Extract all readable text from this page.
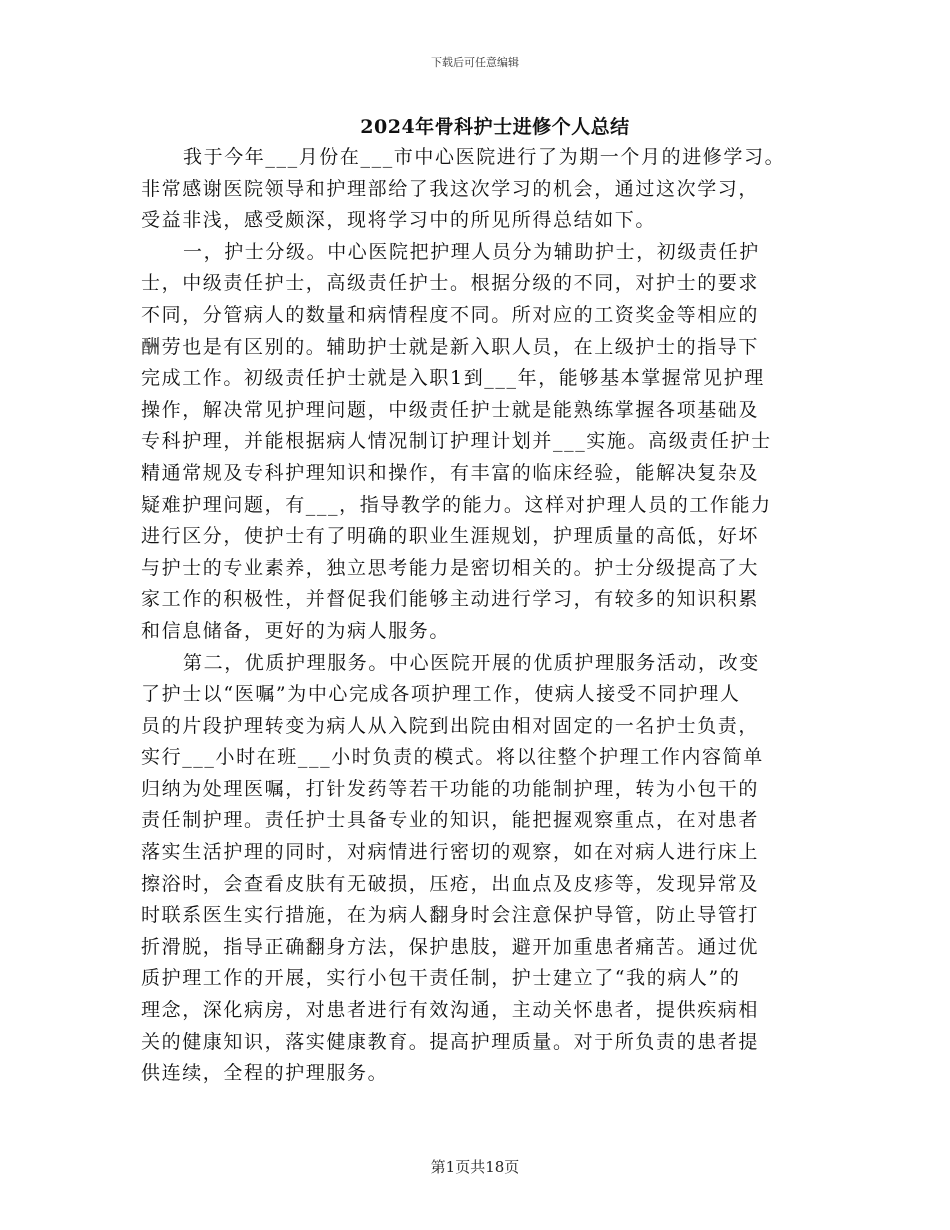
下载后可任意编辑
2024年骨科护士进修个人总结
我于今年___月份在___市中心医院进行了为期一个月的进修学习。
非常感谢医院领导和护理部给了我这次学习的机会，通过这次学习，
受益非浅，感受颇深，现将学习中的所见所得总结如下。
一，护士分级。中心医院把护理人员分为辅助护士，初级责任护
士，中级责任护士，高级责任护士。根据分级的不同，对护士的要求
不同，分管病人的数量和病情程度不同。所对应的工资奖金等相应的
酬劳也是有区别的。辅助护士就是新入职人员，在上级护士的指导下
完成工作。初级责任护士就是入职1到___年，能够基本掌握常见护理
操作，解决常见护理问题，中级责任护士就是能熟练掌握各项基础及
专科护理，并能根据病人情况制订护理计划并___实施。高级责任护士
精通常规及专科护理知识和操作，有丰富的临床经验，能解决复杂及
疑难护理问题，有___，指导教学的能力。这样对护理人员的工作能力
进行区分，使护士有了明确的职业生涯规划，护理质量的高低，好坏
与护士的专业素养，独立思考能力是密切相关的。护士分级提高了大
家工作的积极性，并督促我们能够主动进行学习，有较多的知识积累
和信息储备，更好的为病人服务。
第二，优质护理服务。中心医院开展的优质护理服务活动，改变
了护士以“医嘱”为中心完成各项护理工作，使病人接受不同护理人
员的片段护理转变为病人从入院到出院由相对固定的一名护士负责，
实行___小时在班___小时负责的模式。将以往整个护理工作内容简单
归纳为处理医嘱，打针发药等若干功能的功能制护理，转为小包干的
责任制护理。责任护士具备专业的知识，能把握观察重点，在对患者
落实生活护理的同时，对病情进行密切的观察，如在对病人进行床上
擦浴时，会查看皮肤有无破损，压疮，出血点及皮疹等，发现异常及
时联系医生实行措施，在为病人翻身时会注意保护导管，防止导管打
折滑脱，指导正确翻身方法，保护患肢，避开加重患者痛苦。通过优
质护理工作的开展，实行小包干责任制，护士建立了“我的病人”的
理念，深化病房，对患者进行有效沟通，主动关怀患者，提供疾病相
关的健康知识，落实健康教育。提高护理质量。对于所负责的患者提
供连续，全程的护理服务。
第1页共18页
